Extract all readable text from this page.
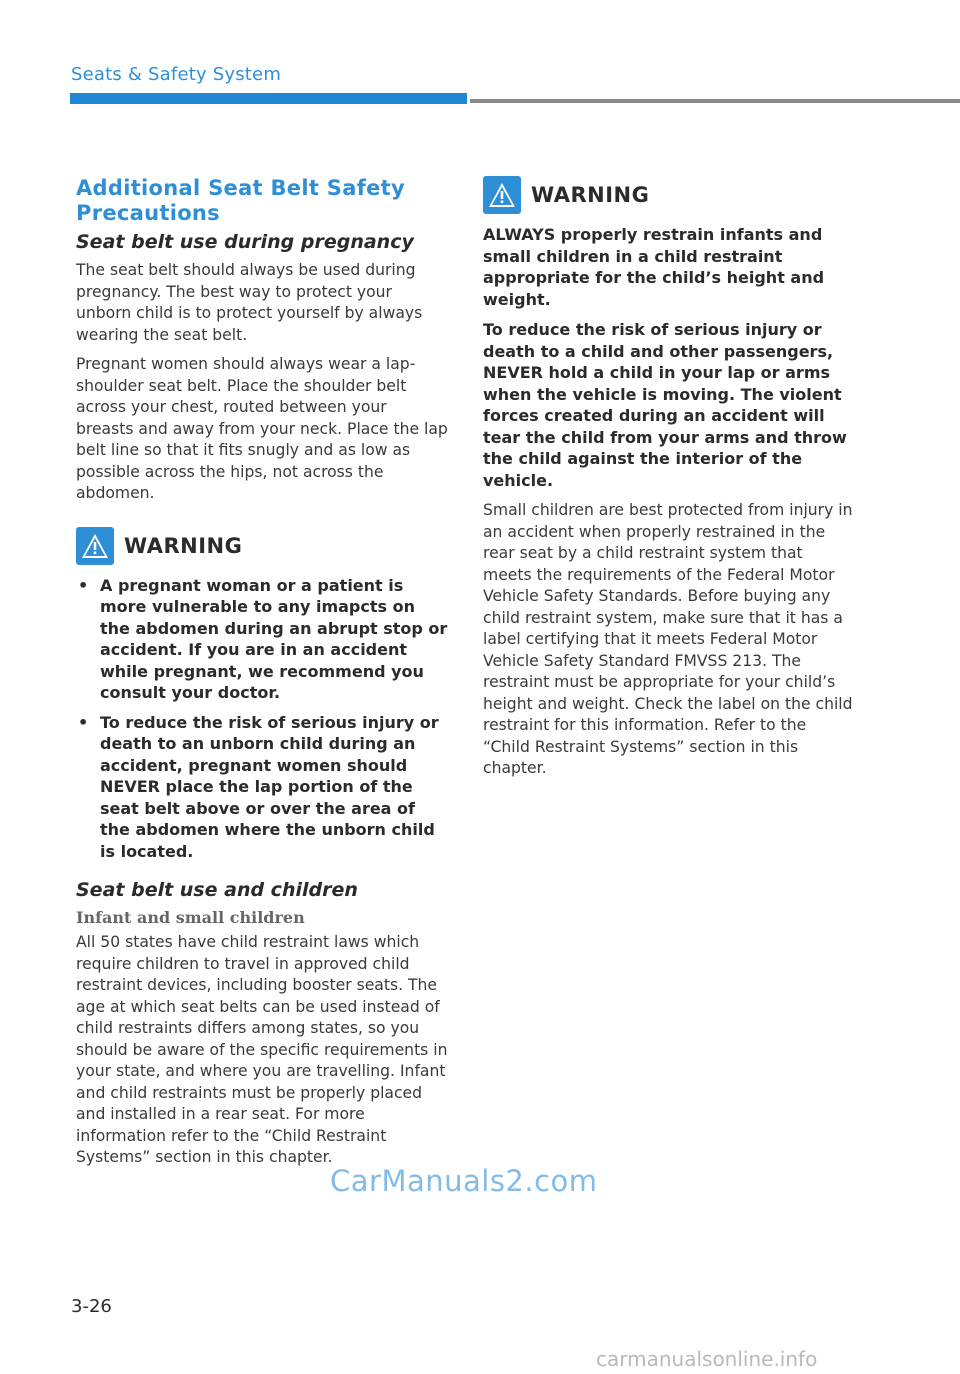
Seats & Safety System
Additional Seat Belt Safety Precautions
Seat belt use during pregnancy

The seat belt should always be used during pregnancy. The best way to protect your unborn child is to protect yourself by always wearing the seat belt.

Pregnant women should always wear a lap-shoulder seat belt. Place the shoulder belt across your chest, routed between your breasts and away from your neck. Place the lap belt line so that it fits snugly and as low as possible across the hips, not across the abdomen.

WARNING
• A pregnant woman or a patient is more vulnerable to any imapcts on the abdomen during an abrupt stop or accident. If you are in an accident while pregnant, we recommend you consult your doctor.
• To reduce the risk of serious injury or death to an unborn child during an accident, pregnant women should NEVER place the lap portion of the seat belt above or over the area of the abdomen where the unborn child is located.
Seat belt use and children
Infant and small children

All 50 states have child restraint laws which require children to travel in approved child restraint devices, including booster seats. The age at which seat belts can be used instead of child restraints differs among states, so you should be aware of the specific requirements in your state, and where you are travelling. Infant and child restraints must be properly placed and installed in a rear seat. For more information refer to the “Child Restraint Systems” section in this chapter.

WARNING

ALWAYS properly restrain infants and small children in a child restraint appropriate for the child’s height and weight.

To reduce the risk of serious injury or death to a child and other passengers, NEVER hold a child in your lap or arms when the vehicle is moving. The violent forces created during an accident will tear the child from your arms and throw the child against the interior of the vehicle.

Small children are best protected from injury in an accident when properly restrained in the rear seat by a child restraint system that meets the requirements of the Federal Motor Vehicle Safety Standards. Before buying any child restraint system, make sure that it has a label certifying that it meets Federal Motor Vehicle Safety Standard FMVSS 213. The restraint must be appropriate for your child’s height and weight. Check the label on the child restraint for this information. Refer to the “Child Restraint Systems” section in this chapter.

CarManuals2.com
3-26
carmanualsonline.info
